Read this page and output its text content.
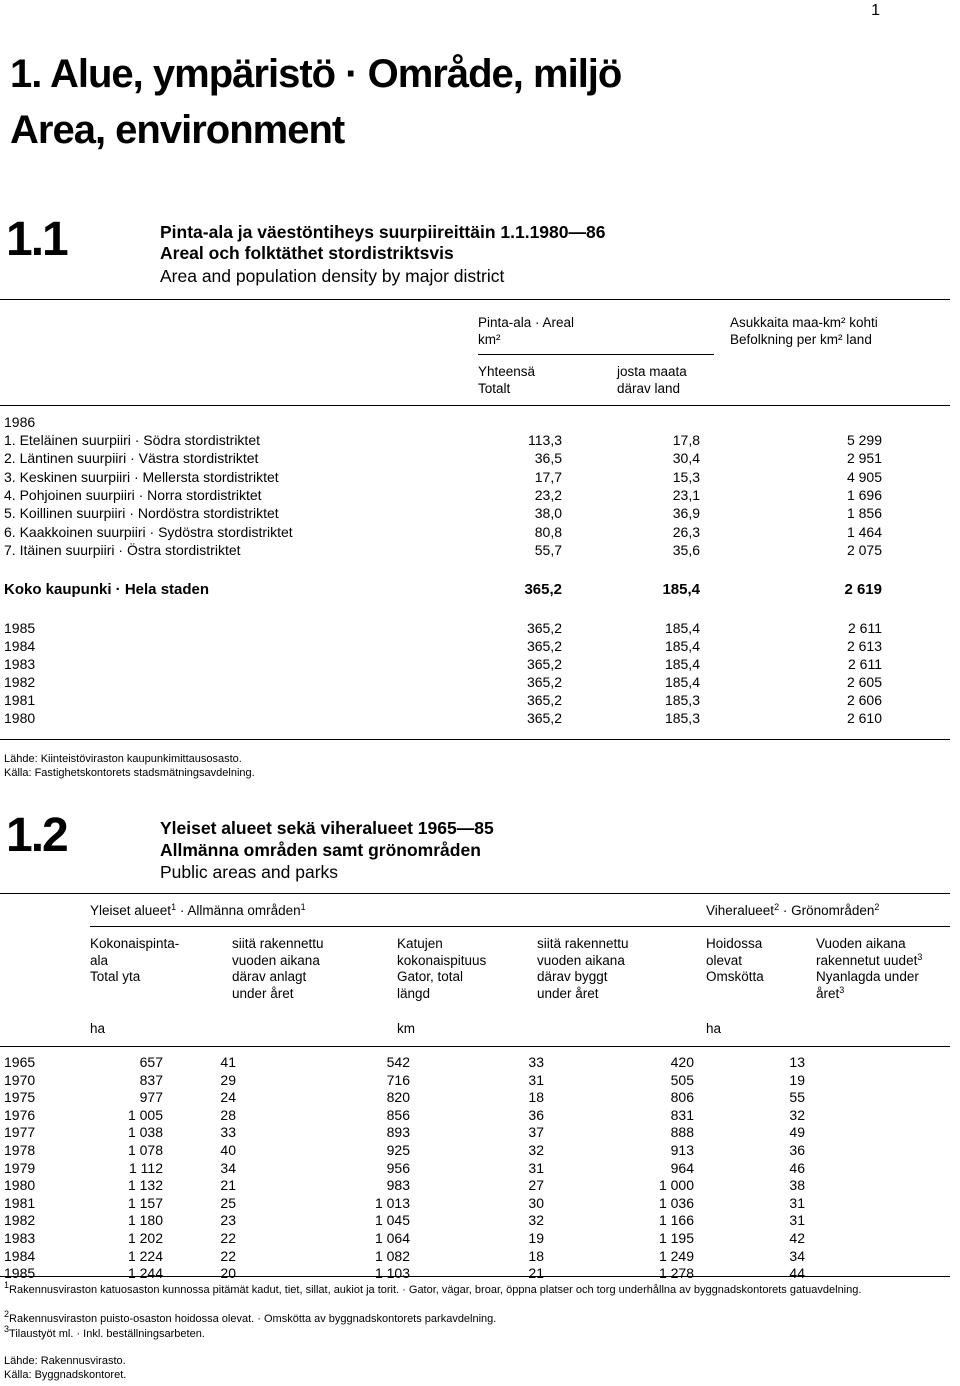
1
1. Alue, ympäristö · Område, miljö
Area, environment
1.1	Pinta-ala ja väestöntiheys suurpiireittäin 1.1.1980—86
Areal och folktäthet stordistriktsvis
Area and population density by major district
Pinta-ala · Areal
km²
Asukkaita maa-km² kohti
Befolkning per km² land
Yhteensä
Totalt
josta maata
därav land
1986
1. Eteläinen suurpiiri · Södra stordistriktet	113,3	17,8	5 299
2. Läntinen suurpiiri · Västra stordistriktet	36,5	30,4	2 951
3. Keskinen suurpiiri · Mellersta stordistriktet	17,7	15,3	4 905
4. Pohjoinen suurpiiri · Norra stordistriktet	23,2	23,1	1 696
5. Koillinen suurpiiri · Nordöstra stordistriktet	38,0	36,9	1 856
6. Kaakkoinen suurpiiri · Sydöstra stordistriktet	80,8	26,3	1 464
7. Itäinen suurpiiri · Östra stordistriktet	55,7	35,6	2 075
Koko kaupunki · Hela staden	365,2	185,4	2 619
1985	365,2	185,4	2 611
1984	365,2	185,4	2 613
1983	365,2	185,4	2 611
1982	365,2	185,4	2 605
1981	365,2	185,3	2 606
1980	365,2	185,3	2 610
Lähde: Kiinteistöviraston kaupunkimittausosasto.
Källa: Fastighetskontorets stadsmätningsavdelning.
1.2	Yleiset alueet sekä viheralueet 1965—85
Allmänna områden samt grönområden
Public areas and parks
Yleiset alueet$^1$ · Allmänna områden$^1$	Viheralueet$^2$ · Grönområden$^2$
Kokonaispinta-
ala
Total yta
siitä rakennettu
vuoden aikana
därav anlagt
under året
Katujen
kokonaispituus
Gator, total
längd
siitä rakennettu
vuoden aikana
därav byggt
under året
Hoidossa
olevat
Omskötta
Vuoden aikana
rakennetut uudet$^3$
Nyanlagda under
året$^3$
ha	km	ha
1965	657	41	542	33	420	13
1970	837	29	716	31	505	19
1975	977	24	820	18	806	55
1976	1 005	28	856	36	831	32
1977	1 038	33	893	37	888	49
1978	1 078	40	925	32	913	36
1979	1 112	34	956	31	964	46
1980	1 132	21	983	27	1 000	38
1981	1 157	25	1 013	30	1 036	31
1982	1 180	23	1 045	32	1 166	31
1983	1 202	22	1 064	19	1 195	42
1984	1 224	22	1 082	18	1 249	34
1985	1 244	20	1 103	21	1 278	44
$^1$Rakennusviraston katuosaston kunnossa pitämät kadut, tiet, sillat, aukiot ja torit. · Gator, vägar, broar, öppna platser och torg underhållna av byggnadskontorets gatuavdelning.
$^2$Rakennusviraston puisto-osaston hoidossa olevat. · Omskötta av byggnadskontorets parkavdelning.
$^3$Tilaustyöt ml. · Inkl. beställningsarbeten.
Lähde: Rakennusvirasto.
Källa: Byggnadskontoret.
